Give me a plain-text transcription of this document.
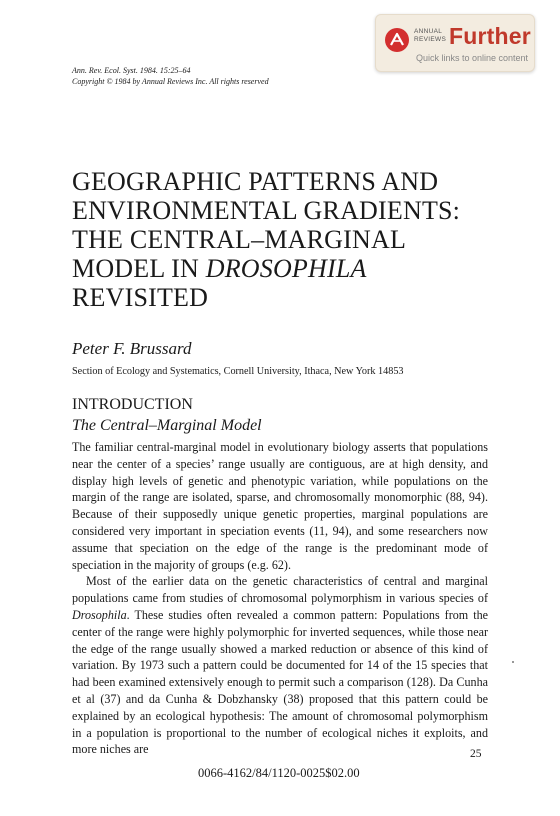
ANNUAL
REVIEWS Further
Quick links to online content
Ann. Rev. Ecol. Syst. 1984. 15:25–64
Copyright © 1984 by Annual Reviews Inc. All rights reserved
GEOGRAPHIC PATTERNS AND
ENVIRONMENTAL GRADIENTS:
THE CENTRAL–MARGINAL
MODEL IN DROSOPHILA
REVISITED
Peter F. Brussard
Section of Ecology and Systematics, Cornell University, Ithaca, New York 14853
INTRODUCTION
The Central–Marginal Model

The familiar central-marginal model in evolutionary biology asserts that populations near the center of a species’ range usually are contiguous, are at high density, and display high levels of genetic and phenotypic variation, while populations on the margin of the range are isolated, sparse, and chromosomally monomorphic (88, 94). Because of their supposedly unique genetic properties, marginal populations are considered very important in speciation events (11, 94), and some researchers now assume that speciation on the edge of the range is the predominant mode of speciation in the majority of groups (e.g. 62).

Most of the earlier data on the genetic characteristics of central and marginal populations came from studies of chromosomal polymorphism in various species of Drosophila. These studies often revealed a common pattern: Populations from the center of the range were highly polymorphic for inverted sequences, while those near the edge of the range usually showed a marked reduction or absence of this kind of variation. By 1973 such a pattern could be documented for 14 of the 15 species that had been examined extensively enough to permit such a comparison (128). Da Cunha et al (37) and da Cunha & Dobzhansky (38) proposed that this pattern could be explained by an ecological hypothesis: The amount of chromosomal polymorphism in a population is proportional to the number of ecological niches it exploits, and more niches are	25
0066-4162/84/1120-0025$02.00
